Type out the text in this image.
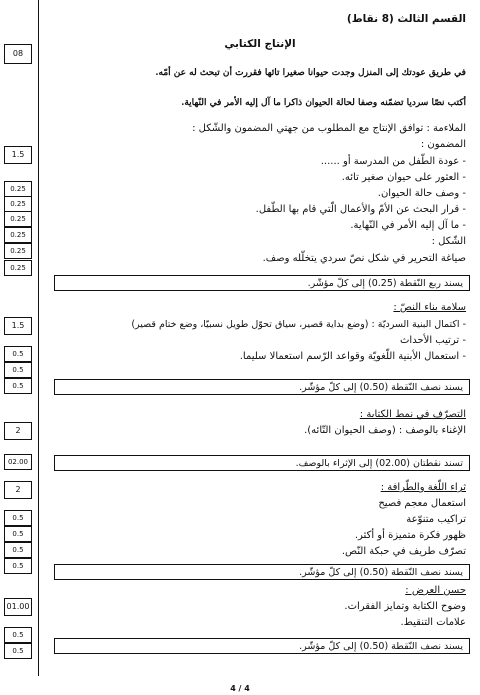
08
1.5
0.25
0.25
0.25
0.25
0.25
0.25
1.5
0.5
0.5
0.5
2
02.00
2
0.5
0.5
0.5
0.5
01.00
0.5
0.5
القسم الثالث (8 نقاط)
الإنتاج الكتابي
في طريق عودتك إلى المنزل وجدت حيوانا صغيرا تائها فقررت أن تبحث له عن أمّه.
أكتب نصّا سرديا تضمّنه وصفا لحالة الحيوان ذاكرا ما آل إليه الأمر في النّهاية.
الملاءمة : توافق الإنتاج مع المطلوب من جهتي المضمون والشّكل :
المضمون :
- عودة الطّفل من المدرسة أو ......
- العثور على حيوان صغير تائه.
- وصف حالة الحيوان.
- قرار البحث عن الأمّ والأعمال الّتي قام بها الطّفل.
- ما آل إليه الأمر في النّهاية.
الشّكل :
صياغة التحرير في شكل نصّ سردي يتخلّله وصف.
يسند ربع النّقطة (0.25) إلى كلّ مؤشّر.
سلامة بناء النصّ :
- اكتمال البنية السرديّة : (وضع بداية قصير، سياق تحوّل طويل نسبيّا، وضع ختام قصير)
- ترتيب الأحداث
- استعمال الأبنية اللّغويّة وقواعد الرّسم استعمالا سليما.
يسند نصف النّقطة (0.50) إلى كلّ مؤشّر.
التصرّف في نمط الكتابة :
الإغناء بالوصف : (وصف الحيوان التّائه).
تسند نقطتان (02.00) إلى الإثراء بالوصف.
ثراء اللّغة والطّرافة :
استعمال معجم فصيح
تراكيب متنوّعة
ظهور فكرة متميزة أو أكثر.
تصرّف طريف في حبكة النّص.
يسند نصف النّقطة (0.50) إلى كلّ مؤشّر.
حسن العرض :
وضوح الكتابة وتمايز الفقرات.
علامات التنقيط.
يسند نصف النّقطة (0.50) إلى كلّ مؤشّر.
4 / 4
